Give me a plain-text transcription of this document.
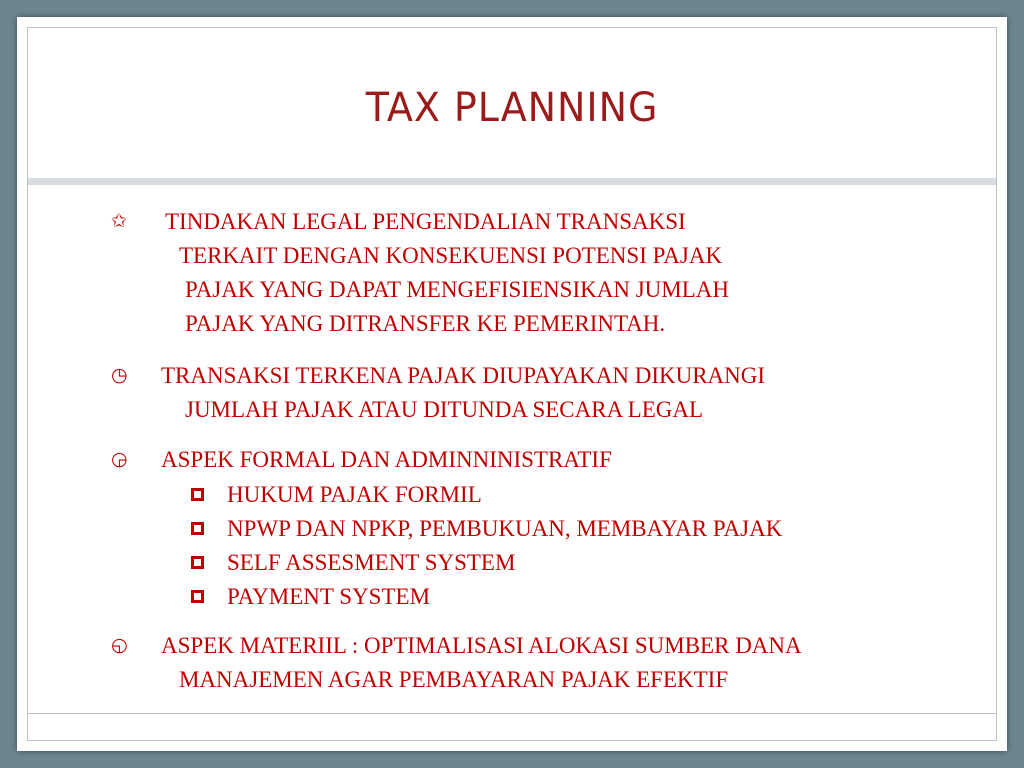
TAX PLANNING
✩ TINDAKAN LEGAL PENGENDALIAN TRANSAKSI
TERKAIT DENGAN KONSEKUENSI POTENSI PAJAK
PAJAK YANG DAPAT MENGEFISIENSIKAN JUMLAH
PAJAK YANG DITRANSFER KE PEMERINTAH.
◷ TRANSAKSI TERKENA PAJAK DIUPAYAKAN DIKURANGI
JUMLAH PAJAK ATAU DITUNDA SECARA LEGAL
◶ ASPEK FORMAL DAN ADMINNINISTRATIF
HUKUM PAJAK FORMIL
NPWP DAN NPKP, PEMBUKUAN, MEMBAYAR PAJAK
SELF ASSESMENT SYSTEM
PAYMENT SYSTEM
◵ ASPEK MATERIIL : OPTIMALISASI ALOKASI SUMBER DANA
MANAJEMEN AGAR PEMBAYARAN PAJAK EFEKTIF
